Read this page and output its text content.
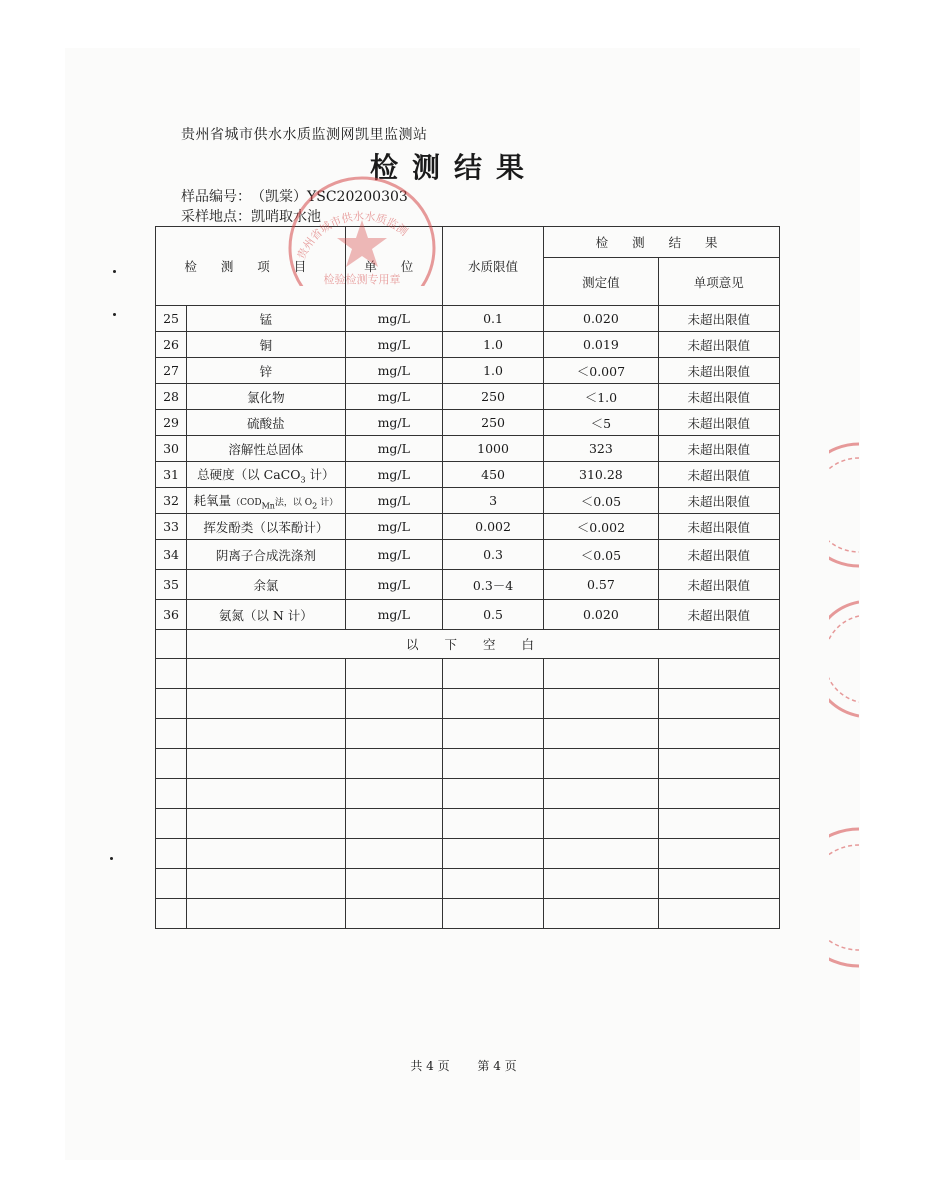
贵州省城市供水水质监测网凯里监测站
检测结果
样品编号：（凯棠）YSC20200303
采样地点：凯哨取水池
检 测 项 目		单 位	水质限值	检 测 结 果	
				测定值	单项意见
25	锰	mg/L	0.1	0.020	未超出限值
26	铜	mg/L	1.0	0.019	未超出限值
27	锌	mg/L	1.0	＜0.007	未超出限值
28	氯化物	mg/L	250	＜1.0	未超出限值
29	硫酸盐	mg/L	250	＜5	未超出限值
30	溶解性总固体	mg/L	1000	323	未超出限值
31	总硬度（以 CaCO$_3$ 计）	mg/L	450	310.28	未超出限值
32	耗氧量（$COD_{Mn}$法，以 $O_2$ 计）	mg/L	3	＜0.05	未超出限值
33	挥发酚类（以苯酚计）	mg/L	0.002	＜0.002	未超出限值
34	阴离子合成洗涤剂	mg/L	0.3	＜0.05	未超出限值
35	余氯	mg/L	0.3－4	0.57	未超出限值
36	氨氮（以 N 计）	mg/L	0.5	0.020	未超出限值
	以下空白				

贵州省城市供水水质监测
检验检测专用章
共 4 页 第 4 页
